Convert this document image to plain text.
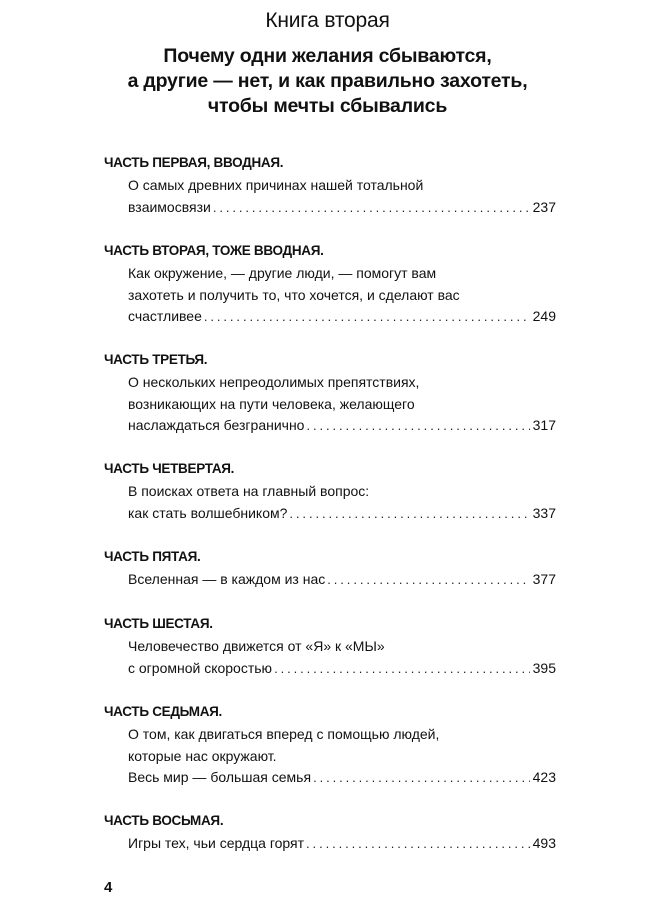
Книга вторая
Почему одни желания сбываются,
а другие — нет, и как правильно захотеть,
чтобы мечты сбывались
ЧАСТЬ ПЕРВАЯ, ВВОДНАЯ.
О самых древних причинах нашей тотальной
взаимосвязи .....	237
ЧАСТЬ ВТОРАЯ, ТОЖЕ ВВОДНАЯ.
Как окружение, — другие люди, — помогут вам
захотеть и получить то, что хочется, и сделают вас
счастливее .....	249
ЧАСТЬ ТРЕТЬЯ.
О нескольких непреодолимых препятствиях,
возникающих на пути человека, желающего
наслаждаться безгранично .....	317
ЧАСТЬ ЧЕТВЕРТАЯ.
В поисках ответа на главный вопрос:
как стать волшебником? .....	337
ЧАСТЬ ПЯТАЯ.
Вселенная — в каждом из нас .....	377
ЧАСТЬ ШЕСТАЯ.
Человечество движется от «Я» к «МЫ»
с огромной скоростью .....	395
ЧАСТЬ СЕДЬМАЯ.
О том, как двигаться вперед с помощью людей,
которые нас окружают.
Весь мир — большая семья .....	423
ЧАСТЬ ВОСЬМАЯ.
Игры тех, чьи сердца горят .....	493
4
